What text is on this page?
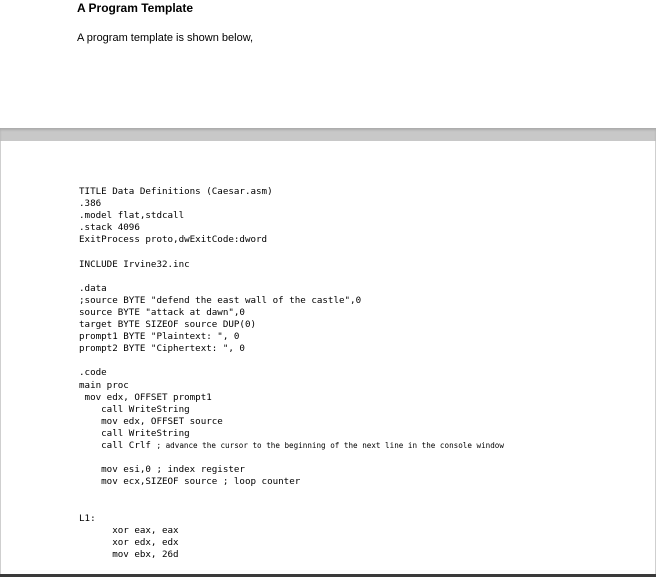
A Program Template
A program template is shown below,
TITLE Data Definitions (Caesar.asm)
.386
.model flat,stdcall
.stack 4096
ExitProcess proto,dwExitCode:dword
INCLUDE Irvine32.inc
.data
;source BYTE "defend the east wall of the castle",0
source BYTE "attack at dawn",0
target BYTE SIZEOF source DUP(0)
prompt1 BYTE "Plaintext: ", 0
prompt2 BYTE "Ciphertext: ", 0
.code
main proc
mov edx, OFFSET prompt1
call WriteString
mov edx, OFFSET source
call WriteString
call Crlf ; advance the cursor to the beginning of the next line in the console window
mov esi,0 ; index register
mov ecx,SIZEOF source ; loop counter
L1:
xor eax, eax
xor edx, edx
mov ebx, 26d
